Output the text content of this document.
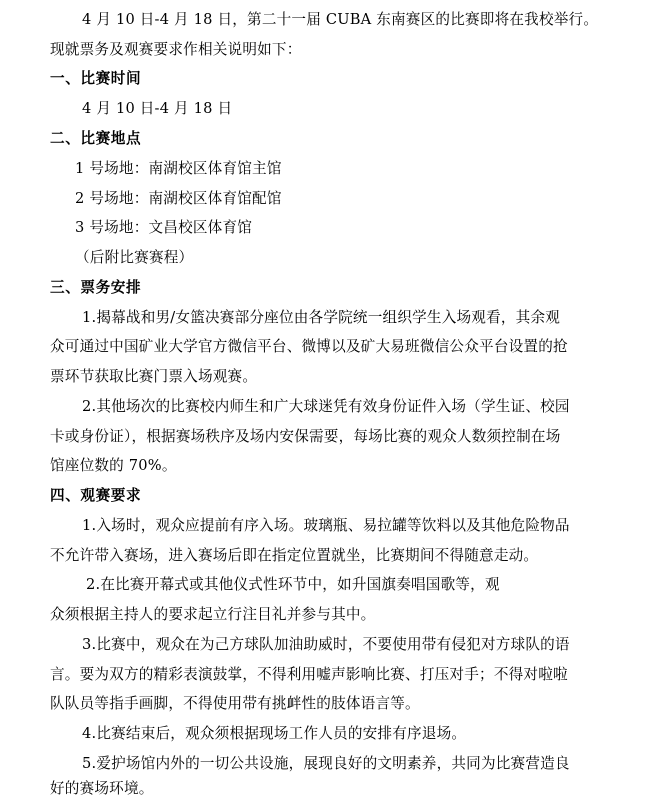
4 月 10 日-4 月 18 日，第二十一届 CUBA 东南赛区的比赛即将在我校举行。
现就票务及观赛要求作相关说明如下：
一、比赛时间
4 月 10 日-4 月 18 日
二、比赛地点
1 号场地：南湖校区体育馆主馆
2 号场地：南湖校区体育馆配馆
3 号场地：文昌校区体育馆
（后附比赛赛程）
三、票务安排
1.揭幕战和男/女篮决赛部分座位由各学院统一组织学生入场观看，其余观
众可通过中国矿业大学官方微信平台、微博以及矿大易班微信公众平台设置的抢
票环节获取比赛门票入场观赛。
2.其他场次的比赛校内师生和广大球迷凭有效身份证件入场（学生证、校园
卡或身份证），根据赛场秩序及场内安保需要，每场比赛的观众人数须控制在场
馆座位数的 70%。
四、观赛要求
1.入场时，观众应提前有序入场。玻璃瓶、易拉罐等饮料以及其他危险物品
不允许带入赛场，进入赛场后即在指定位置就坐，比赛期间不得随意走动。
2.在比赛开幕式或其他仪式性环节中，如升国旗奏唱国歌等，观
众须根据主持人的要求起立行注目礼并参与其中。
3.比赛中，观众在为己方球队加油助威时，不要使用带有侵犯对方球队的语
言。要为双方的精彩表演鼓掌，不得利用嘘声影响比赛、打压对手；不得对啦啦
队队员等指手画脚，不得使用带有挑衅性的肢体语言等。
4.比赛结束后，观众须根据现场工作人员的安排有序退场。
5.爱护场馆内外的一切公共设施，展现良好的文明素养，共同为比赛营造良
好的赛场环境。
